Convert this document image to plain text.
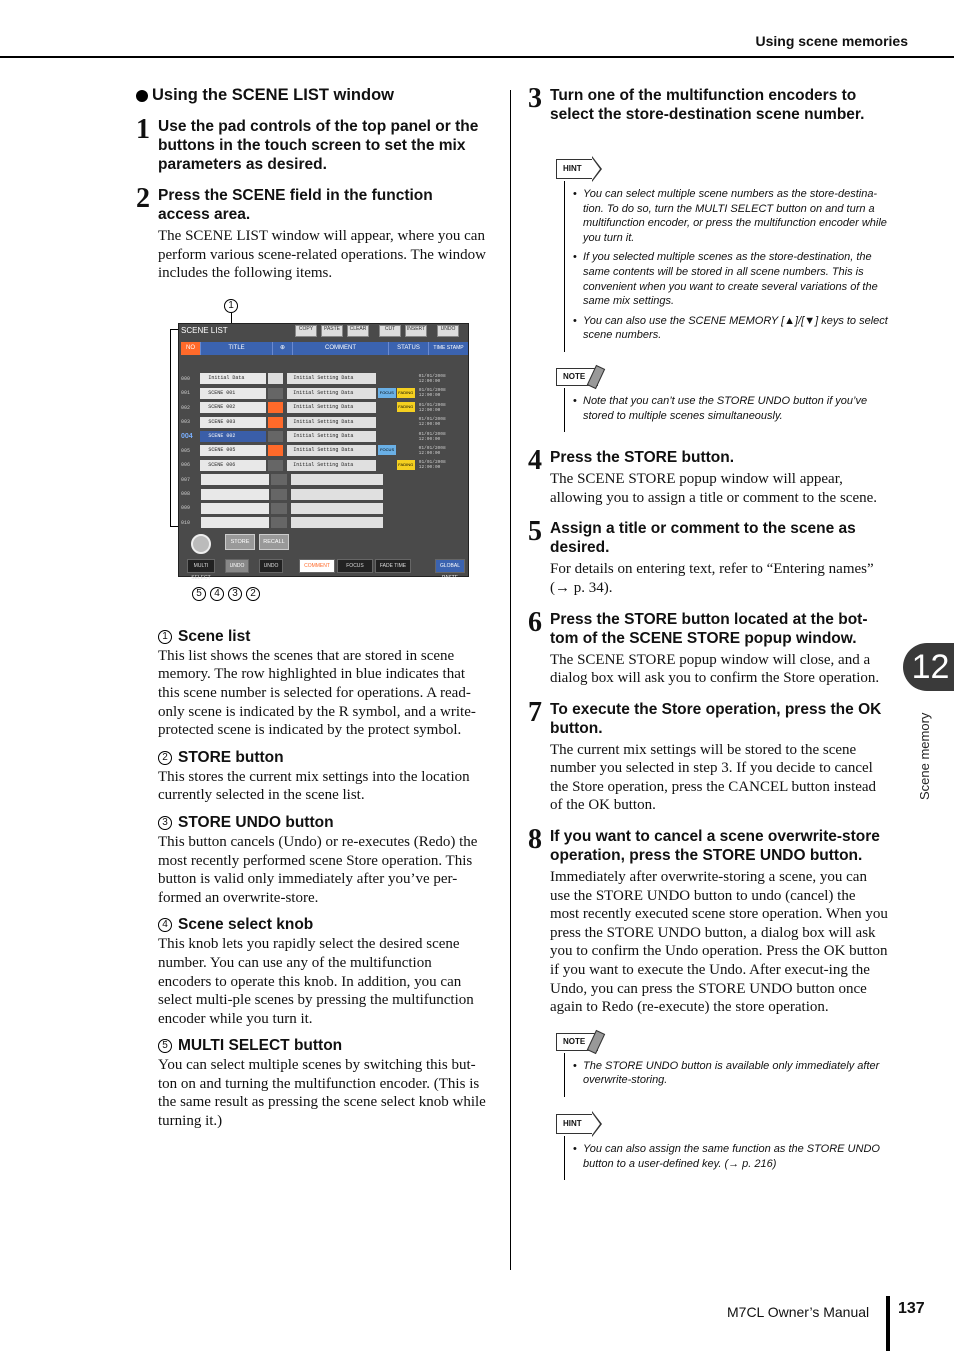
Using scene memories
Using the SCENE LIST window
1 Use the pad controls of the top panel or the buttons in the touch screen to set the mix parameters as desired.
2 Press the SCENE field in the function access area.
The SCENE LIST window will appear, where you can perform various scene-related operations. The window includes the following items.
1
5	4	3	2
SCENE LIST	COPY	PASTE	CLEAR	CUT	INSERT	UNDO
NO	TITLE	⊕	COMMENT	STATUS	TIME STAMP
000	Initial Data	Initial Setting Data	01/01/2008 12:00:00
001	SCENE 001	Initial Setting Data	FOCUS	FADING	01/01/2008 12:00:00
002	SCENE 002	Initial Setting Data	FADING	01/01/2008 12:00:00
003	SCENE 003	Initial Setting Data	01/01/2008 12:00:00
004	SCENE 002	Initial Setting Data	01/01/2008 12:00:00
005	SCENE 005	Initial Setting Data	FOCUS	01/01/2008 12:00:00
006	SCENE 006	Initial Setting Data	FADING	01/01/2008 12:00:00
007
008
009
010
STORE	RECALL
MULTI SELECT
UNDO	UNDO	COMMENT	FOCUS	FADE TIME	GLOBAL PASTE
1 Scene list
This list shows the scenes that are stored in scene memory. The row highlighted in blue indicates that this scene number is selected for operations. A read-only scene is indicated by the R symbol, and a write-protected scene is indicated by the protect symbol.
2 STORE button
This stores the current mix settings into the location currently selected in the scene list.
3 STORE UNDO button
This button cancels (Undo) or re-executes (Redo) the most recently performed scene Store operation. This button is valid only immediately after you’ve per-formed an overwrite-store.
4 Scene select knob
This knob lets you rapidly select the desired scene number. You can use any of the multifunction encoders to operate this knob. In addition, you can select multi-ple scenes by pressing the multifunction encoder while you turn it.
5 MULTI SELECT button
You can select multiple scenes by switching this but-ton on and turning the multifunction encoder. (This is the same result as pressing the scene select knob while turning it.)
3 Turn one of the multifunction encoders to select the store-destination scene number.
HINT
• You can select multiple scene numbers as the store-destina-tion. To do so, turn the MULTI SELECT button on and turn a multifunction encoder, or press the multifunction encoder while you turn it.
• If you selected multiple scenes as the store-destination, the same contents will be stored in all scene numbers. This is convenient when you want to create several variations of the same mix settings.
• You can also use the SCENE MEMORY [▲]/[▼] keys to select scene numbers.
NOTE
• Note that you can’t use the STORE UNDO button if you’ve stored to multiple scenes simultaneously.
4 Press the STORE button.
The SCENE STORE popup window will appear, allowing you to assign a title or comment to the scene.
5 Assign a title or comment to the scene as desired.
For details on entering text, refer to “Entering names” (→ p. 34).
6 Press the STORE button located at the bot-tom of the SCENE STORE popup window.
The SCENE STORE popup window will close, and a dialog box will ask you to confirm the Store operation.
7 To execute the Store operation, press the OK button.
The current mix settings will be stored to the scene number you selected in step 3. If you decide to cancel the Store operation, press the CANCEL button instead of the OK button.
8 If you want to cancel a scene overwrite-store operation, press the STORE UNDO button.
Immediately after overwrite-storing a scene, you can use the STORE UNDO button to undo (cancel) the most recently executed scene store operation. When you press the STORE UNDO button, a dialog box will ask you to confirm the Undo operation. Press the OK button if you want to execute the Undo. After execut-ing the Undo, you can press the STORE UNDO button once again to Redo (re-execute) the store operation.
NOTE
• The STORE UNDO button is available only immediately after overwrite-storing.
HINT
• You can also assign the same function as the STORE UNDO button to a user-defined key. (→ p. 216)
12
Scene memory
M7CL Owner’s Manual 137
